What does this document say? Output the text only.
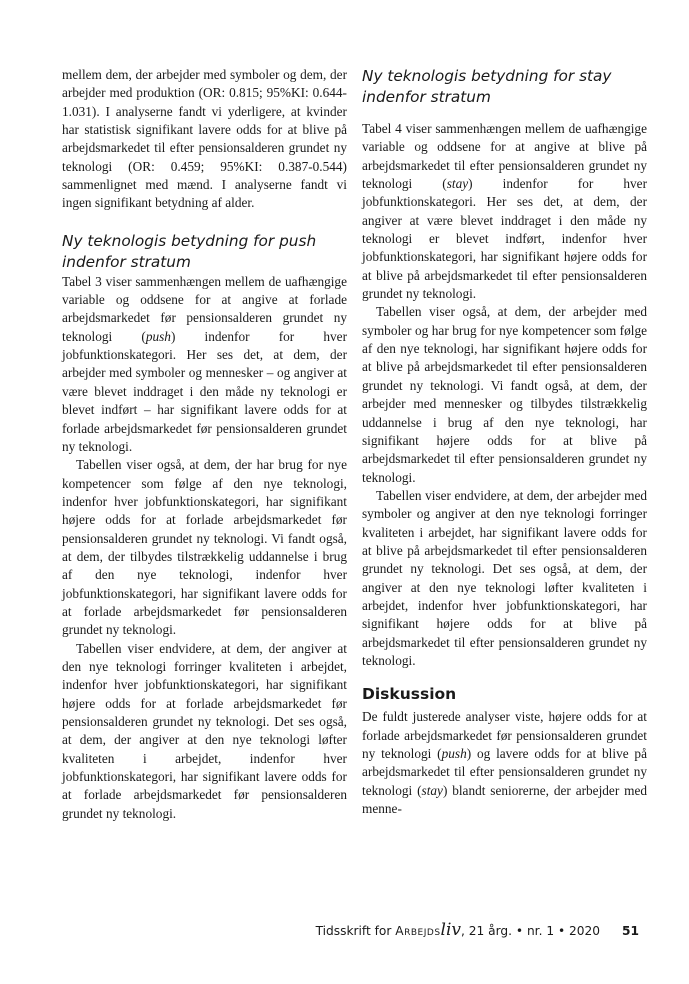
mellem dem, der arbejder med symboler og dem, der arbejder med produktion (OR: 0.815; 95%KI: 0.644-1.031). I analyserne fandt vi yderligere, at kvinder har statistisk signifikant lavere odds for at blive på arbejdsmarkedet til efter pensionsalderen grundet ny teknologi (OR: 0.459; 95%KI: 0.387-0.544) sammenlignet med mænd. I analyserne fandt vi ingen signifikant betydning af alder.

Ny teknologis betydning for push indenfor stratum

Tabel 3 viser sammenhængen mellem de uafhængige variable og oddsene for at angive at forlade arbejdsmarkedet før pensionsalderen grundet ny teknologi (push) indenfor for hver jobfunktionskategori. Her ses det, at dem, der arbejder med symboler og mennesker – og angiver at være blevet inddraget i den måde ny teknologi er blevet indført – har signifikant lavere odds for at forlade arbejdsmarkedet før pensionsalderen grundet ny teknologi.

Tabellen viser også, at dem, der har brug for nye kompetencer som følge af den nye teknologi, indenfor hver jobfunktionskategori, har signifikant højere odds for at forlade arbejdsmarkedet før pensionsalderen grundet ny teknologi. Vi fandt også, at dem, der tilbydes tilstrækkelig uddannelse i brug af den nye teknologi, indenfor hver jobfunktionskategori, har signifikant lavere odds for at forlade arbejdsmarkedet før pensionsalderen grundet ny teknologi.

Tabellen viser endvidere, at dem, der angiver at den nye teknologi forringer kvaliteten i arbejdet, indenfor hver jobfunktionskategori, har signifikant højere odds for at forlade arbejdsmarkedet før pensionsalderen grundet ny teknologi. Det ses også, at dem, der angiver at den nye teknologi løfter kvaliteten i arbejdet, indenfor hver jobfunktionskategori, har signifikant lavere odds for at forlade arbejdsmarkedet før pensionsalderen grundet ny teknologi.

Ny teknologis betydning for stay indenfor stratum

Tabel 4 viser sammenhængen mellem de uafhængige variable og oddsene for at angive at blive på arbejdsmarkedet til efter pensionsalderen grundet ny teknologi (stay) indenfor for hver jobfunktionskategori. Her ses det, at dem, der angiver at være blevet inddraget i den måde ny teknologi er blevet indført, indenfor hver jobfunktionskategori, har signifikant højere odds for at blive på arbejdsmarkedet til efter pensionsalderen grundet ny teknologi.

Tabellen viser også, at dem, der arbejder med symboler og har brug for nye kompetencer som følge af den nye teknologi, har signifikant højere odds for at blive på arbejdsmarkedet til efter pensionsalderen grundet ny teknologi. Vi fandt også, at dem, der arbejder med mennesker og tilbydes tilstrækkelig uddannelse i brug af den nye teknologi, har signifikant højere odds for at blive på arbejdsmarkedet til efter pensionsalderen grundet ny teknologi.

Tabellen viser endvidere, at dem, der arbejder med symboler og angiver at den nye teknologi forringer kvaliteten i arbejdet, har signifikant lavere odds for at blive på arbejdsmarkedet til efter pensionsalderen grundet ny teknologi. Det ses også, at dem, der angiver at den nye teknologi løfter kvaliteten i arbejdet, indenfor hver jobfunktionskategori, har signifikant højere odds for at blive på arbejdsmarkedet til efter pensionsalderen grundet ny teknologi.

Diskussion

De fuldt justerede analyser viste, højere odds for at forlade arbejdsmarkedet før pensionsalderen grundet ny teknologi (push) og lavere odds for at blive på arbejdsmarkedet til efter pensionsalderen grundet ny teknologi (stay) blandt seniorerne, der arbejder med menne-

Tidsskrift for Arbejdsliv, 21 årg. • nr. 1 • 2020 51
